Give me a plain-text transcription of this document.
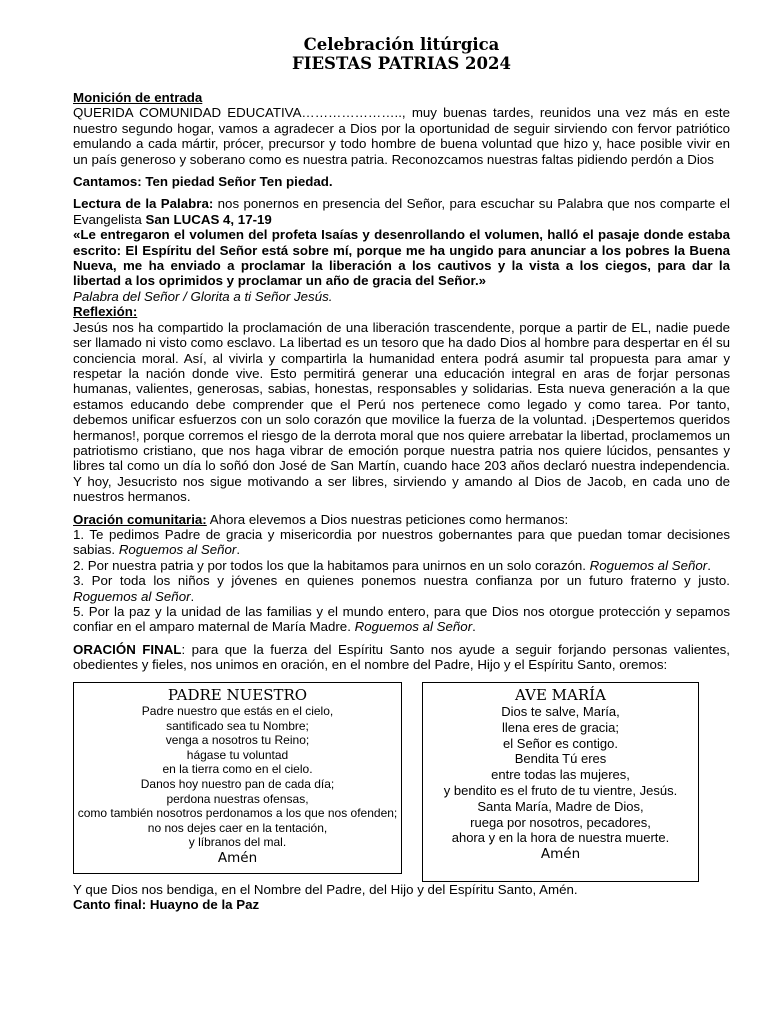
Celebración litúrgica
FIESTAS PATRIAS 2024
Monición de entrada

QUERIDA COMUNIDAD EDUCATIVA………………….., muy buenas tardes, reunidos una vez más en este nuestro segundo hogar, vamos a agradecer a Dios por la oportunidad de seguir sirviendo con fervor patriótico emulando a cada mártir, prócer, precursor y todo hombre de buena voluntad que hizo y, hace posible vivir en un país generoso y soberano como es nuestra patria. Reconozcamos nuestras faltas pidiendo perdón a Dios

Cantamos: Ten piedad Señor Ten piedad.

Lectura de la Palabra: nos ponernos en presencia del Señor, para escuchar su Palabra que nos comparte el Evangelista San LUCAS 4, 17-19

«Le entregaron el volumen del profeta Isaías y desenrollando el volumen, halló el pasaje donde estaba escrito: El Espíritu del Señor está sobre mí, porque me ha ungido para anunciar a los pobres la Buena Nueva, me ha enviado a proclamar la liberación a los cautivos y la vista a los ciegos, para dar la libertad a los oprimidos y proclamar un año de gracia del Señor.»

Palabra del Señor / Glorita a ti Señor Jesús.

Reflexión:

Jesús nos ha compartido la proclamación de una liberación trascendente, porque a partir de EL, nadie puede ser llamado ni visto como esclavo. La libertad es un tesoro que ha dado Dios al hombre para despertar en él su conciencia moral. Así, al vivirla y compartirla la humanidad entera podrá asumir tal propuesta para amar y respetar la nación donde vive. Esto permitirá generar una educación integral en aras de forjar personas humanas, valientes, generosas, sabias, honestas, responsables y solidarias. Esta nueva generación a la que estamos educando debe comprender que el Perú nos pertenece como legado y como tarea. Por tanto, debemos unificar esfuerzos con un solo corazón que movilice la fuerza de la voluntad. ¡Despertemos queridos hermanos!, porque corremos el riesgo de la derrota moral que nos quiere arrebatar la libertad, proclamemos un patriotismo cristiano, que nos haga vibrar de emoción porque nuestra patria nos quiere lúcidos, pensantes y libres tal como un día lo soñó don José de San Martín, cuando hace 203 años declaró nuestra independencia. Y hoy, Jesucristo nos sigue motivando a ser libres, sirviendo y amando al Dios de Jacob, en cada uno de nuestros hermanos.

Oración comunitaria: Ahora elevemos a Dios nuestras peticiones como hermanos:

1. Te pedimos Padre de gracia y misericordia por nuestros gobernantes para que puedan tomar decisiones sabias. Roguemos al Señor.

2. Por nuestra patria y por todos los que la habitamos para unirnos en un solo corazón. Roguemos al Señor.

3. Por toda los niños y jóvenes en quienes ponemos nuestra confianza por un futuro fraterno y justo. Roguemos al Señor.

5. Por la paz y la unidad de las familias y el mundo entero, para que Dios nos otorgue protección y sepamos confiar en el amparo maternal de María Madre. Roguemos al Señor.

ORACIÓN FINAL: para que la fuerza del Espíritu Santo nos ayude a seguir forjando personas valientes, obedientes y fieles, nos unimos en oración, en el nombre del Padre, Hijo y el Espíritu Santo, oremos:

PADRE NUESTRO
Padre nuestro que estás en el cielo,
santificado sea tu Nombre;
venga a nosotros tu Reino;
hágase tu voluntad
en la tierra como en el cielo.
Danos hoy nuestro pan de cada día;
perdona nuestras ofensas,
como también nosotros perdonamos a los que nos ofenden;
no nos dejes caer en la tentación,
y líbranos del mal.
Amén
AVE MARÍA
Dios te salve, María,
llena eres de gracia;
el Señor es contigo.
Bendita Tú eres
entre todas las mujeres,
y bendito es el fruto de tu vientre, Jesús.
Santa María, Madre de Dios,
ruega por nosotros, pecadores,
ahora y en la hora de nuestra muerte.
Amén
Y que Dios nos bendiga, en el Nombre del Padre, del Hijo y del Espíritu Santo, Amén.
Canto final: Huayno de la Paz
